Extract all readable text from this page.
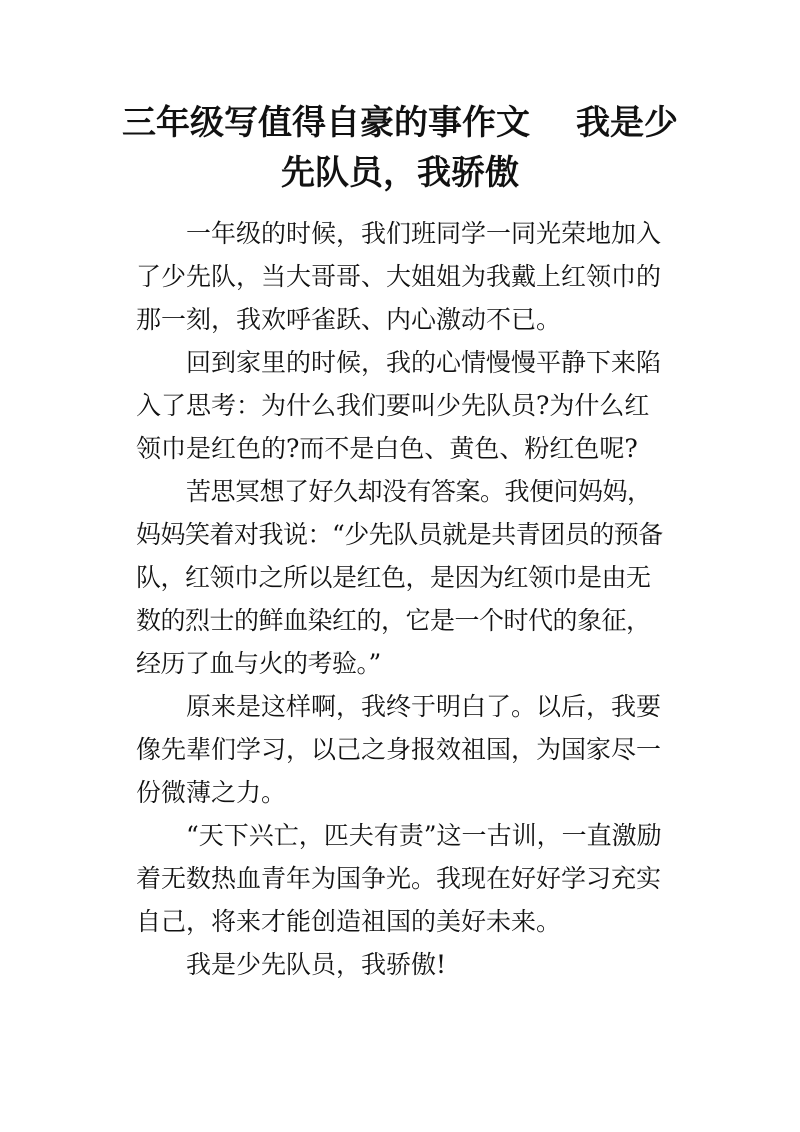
三年级写值得自豪的事作文 我是少
先队员，我骄傲

一年级的时候，我们班同学一同光荣地加入了少先队，当大哥哥、大姐姐为我戴上红领巾的那一刻，我欢呼雀跃、内心激动不已。

回到家里的时候，我的心情慢慢平静下来陷入了思考：为什么我们要叫少先队员?为什么红领巾是红色的?而不是白色、黄色、粉红色呢?

苦思冥想了好久却没有答案。我便问妈妈，妈妈笑着对我说：“少先队员就是共青团员的预备队，红领巾之所以是红色，是因为红领巾是由无数的烈士的鲜血染红的，它是一个时代的象征，经历了血与火的考验。”

原来是这样啊，我终于明白了。以后，我要像先辈们学习，以己之身报效祖国，为国家尽一份微薄之力。

“天下兴亡，匹夫有责”这一古训，一直激励着无数热血青年为国争光。我现在好好学习充实自己，将来才能创造祖国的美好未来。

我是少先队员，我骄傲!
